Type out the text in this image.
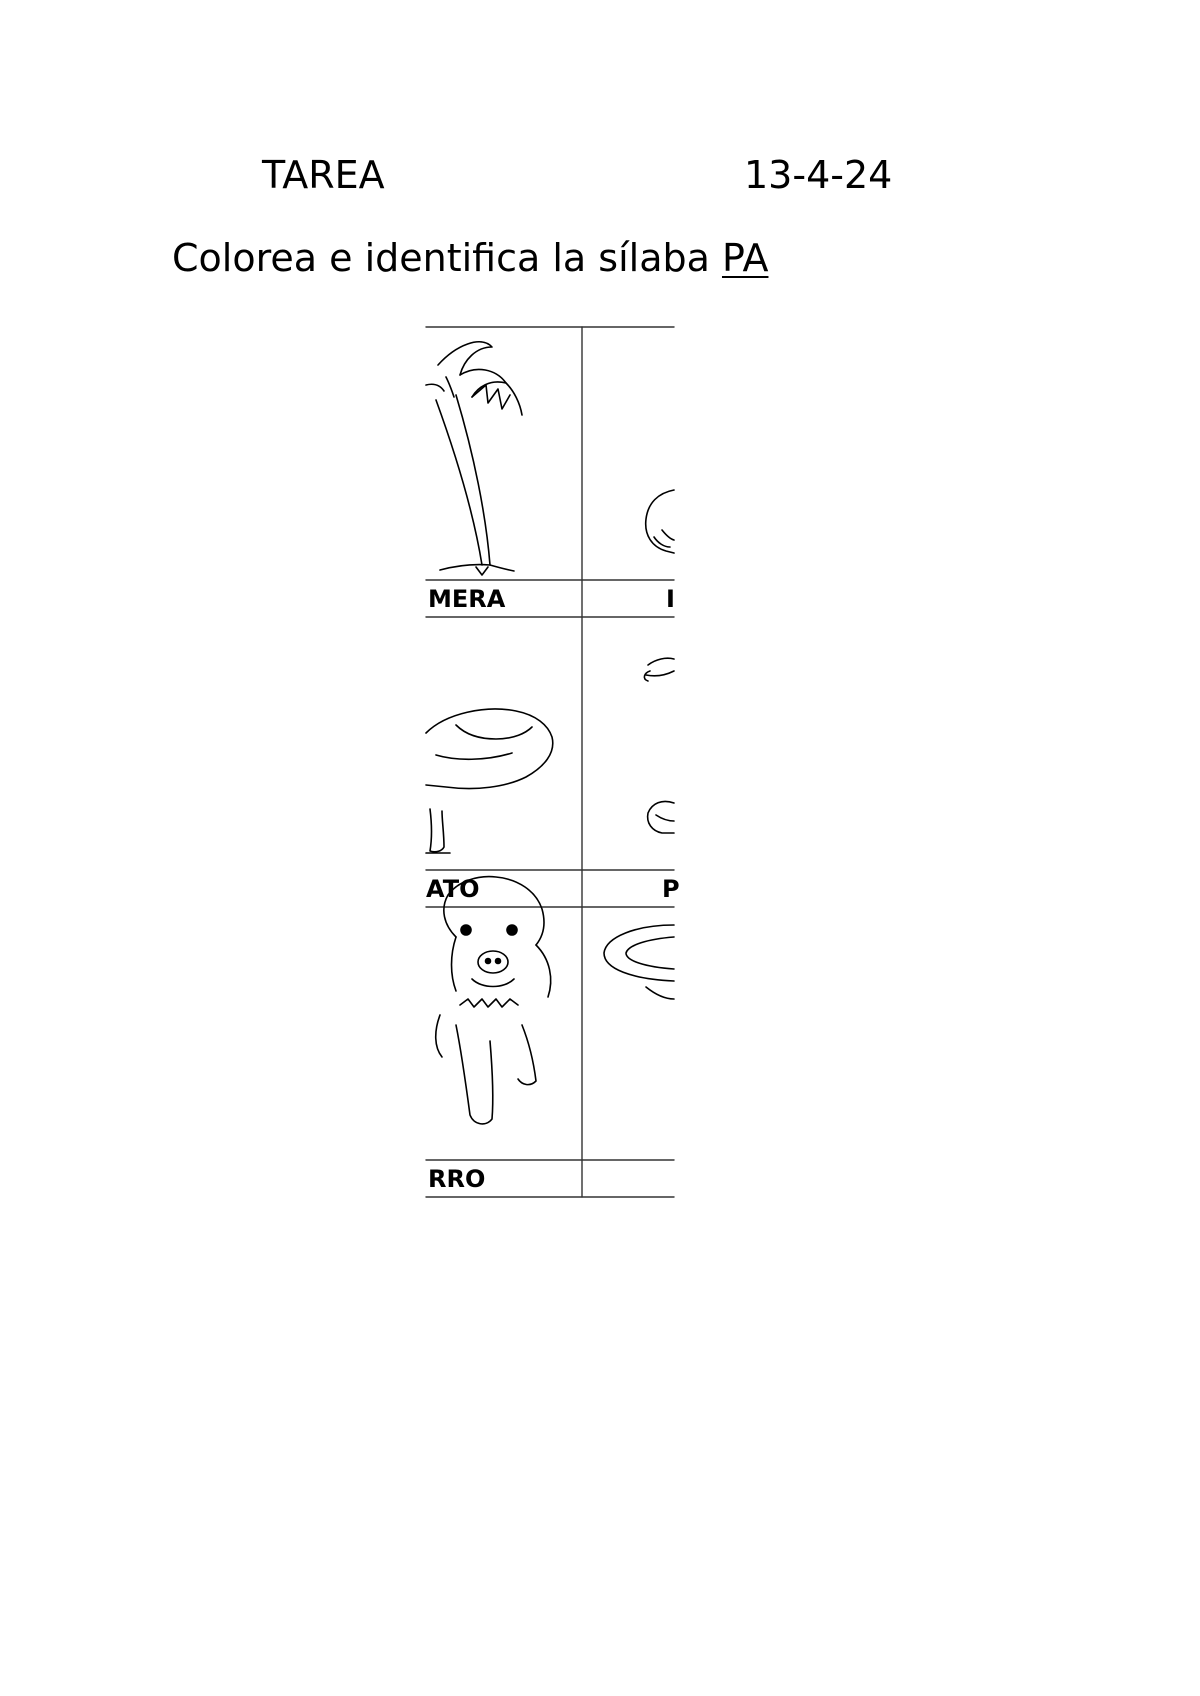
TAREA	13-4-24
Colorea e identifica la sílaba PA
MERA	I
ATO	P
RRO
